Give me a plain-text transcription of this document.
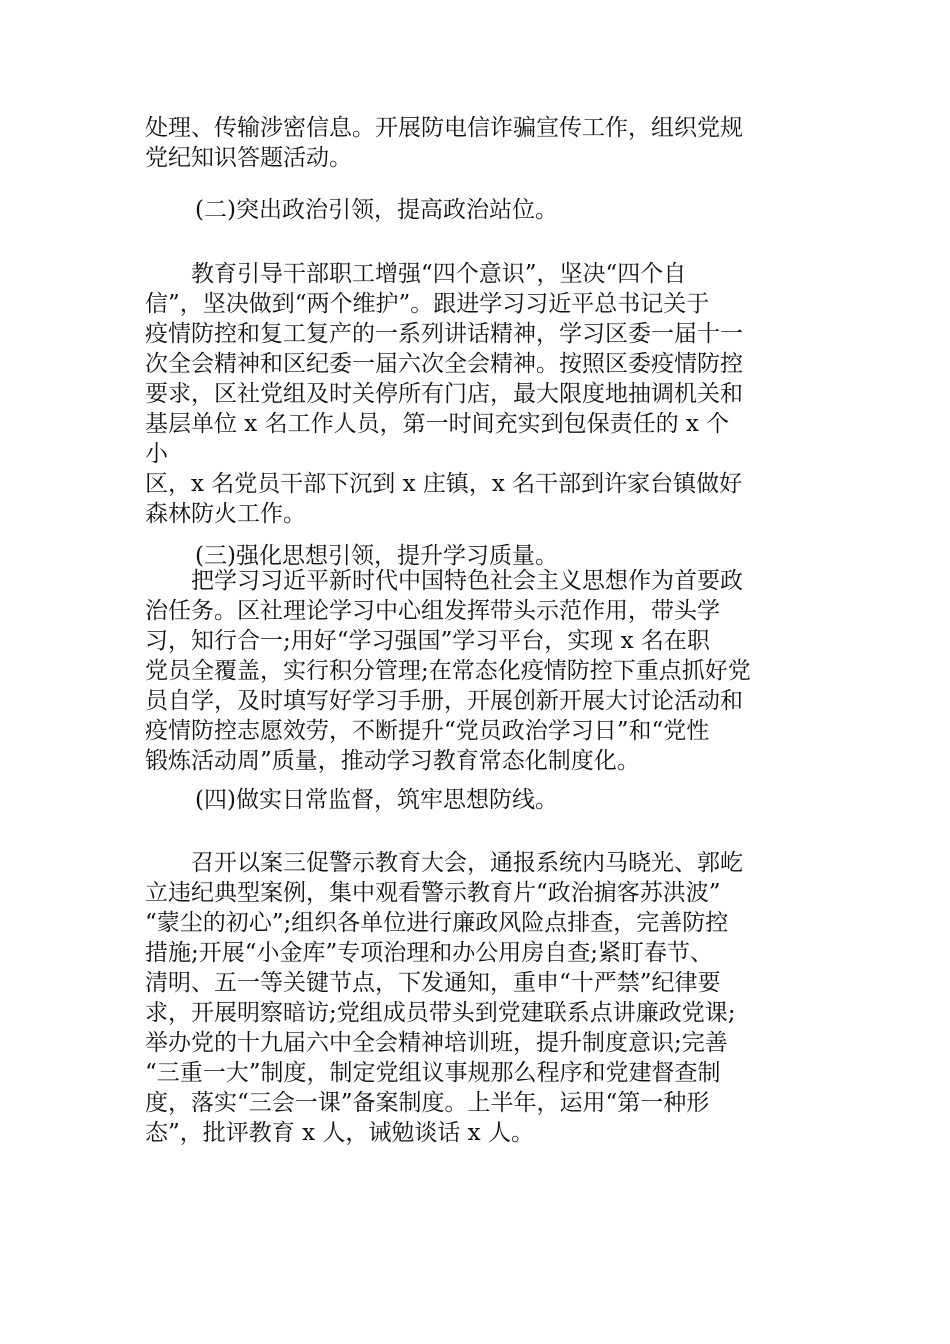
处理、传输涉密信息。开展防电信诈骗宣传工作，组织党规
党纪知识答题活动。
(二)突出政治引领，提高政治站位。
　　教育引导干部职工增强“四个意识”，坚决“四个自
信”，坚决做到“两个维护”。跟进学习习近平总书记关于
疫情防控和复工复产的一系列讲话精神，学习区委一届十一
次全会精神和区纪委一届六次全会精神。按照区委疫情防控
要求，区社党组及时关停所有门店，最大限度地抽调机关和
基层单位 x 名工作人员，第一时间充实到包保责任的 x 个
小
区，x 名党员干部下沉到 x 庄镇，x 名干部到许家台镇做好
森林防火工作。
(三)强化思想引领，提升学习质量。
　　把学习习近平新时代中国特色社会主义思想作为首要政
治任务。区社理论学习中心组发挥带头示范作用，带头学
习，知行合一;用好“学习强国”学习平台，实现 x 名在职
党员全覆盖，实行积分管理;在常态化疫情防控下重点抓好党
员自学，及时填写好学习手册，开展创新开展大讨论活动和
疫情防控志愿效劳，不断提升“党员政治学习日”和“党性
锻炼活动周”质量，推动学习教育常态化制度化。
(四)做实日常监督，筑牢思想防线。
　　召开以案三促警示教育大会，通报系统内马晓光、郭屹
立违纪典型案例，集中观看警示教育片“政治掮客苏洪波”
“蒙尘的初心”;组织各单位进行廉政风险点排查，完善防控
措施;开展“小金库”专项治理和办公用房自查;紧盯春节、
清明、五一等关键节点，下发通知，重申“十严禁”纪律要
求，开展明察暗访;党组成员带头到党建联系点讲廉政党课;
举办党的十九届六中全会精神培训班，提升制度意识;完善
“三重一大”制度，制定党组议事规那么程序和党建督查制
度，落实“三会一课”备案制度。上半年，运用“第一种形
态”，批评教育 x 人，诫勉谈话 x 人。
